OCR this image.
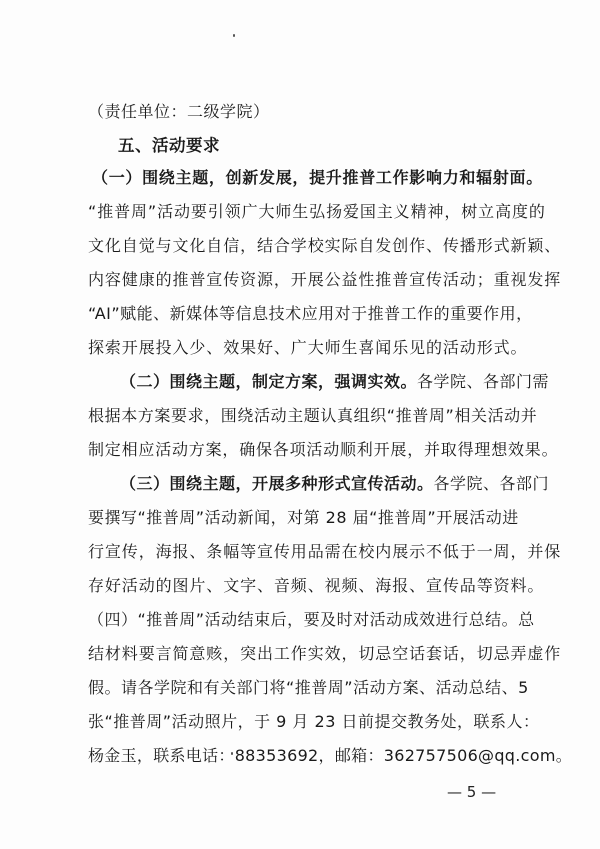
（责任单位：二级学院）
五、活动要求
（一）围绕主题，创新发展，提升推普工作影响力和辐射面。
“推普周”活动要引领广大师生弘扬爱国主义精神，树立高度的
文化自觉与文化自信，结合学校实际自发创作、传播形式新颖、
内容健康的推普宣传资源，开展公益性推普宣传活动；重视发挥
“AI”赋能、新媒体等信息技术应用对于推普工作的重要作用，
探索开展投入少、效果好、广大师生喜闻乐见的活动形式。
（二）围绕主题，制定方案，强调实效。各学院、各部门需
根据本方案要求，围绕活动主题认真组织“推普周”相关活动并
制定相应活动方案，确保各项活动顺利开展，并取得理想效果。
（三）围绕主题，开展多种形式宣传活动。各学院、各部门
要撰写“推普周”活动新闻，对第 28 届“推普周”开展活动进
行宣传，海报、条幅等宣传用品需在校内展示不低于一周，并保
存好活动的图片、文字、音频、视频、海报、宣传品等资料。
（四）“推普周”活动结束后，要及时对活动成效进行总结。总
结材料要言简意赅，突出工作实效，切忌空话套话，切忌弄虚作
假。请各学院和有关部门将“推普周”活动方案、活动总结、5
张“推普周”活动照片，于 9 月 23 日前提交教务处，联系人：
杨金玉，联系电话：88353692，邮箱：362757506@qq.com。
— 5 —
